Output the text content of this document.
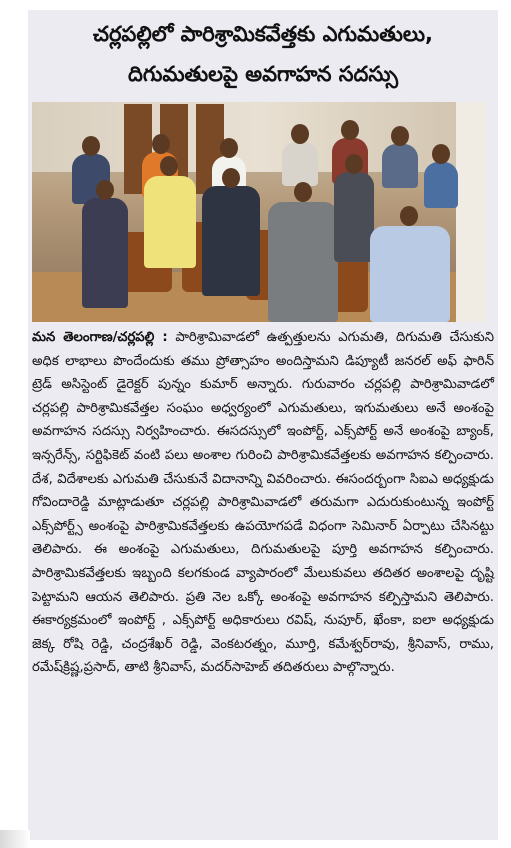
చర్లపల్లిలో పారిశ్రామికవేత్తకు ఎగుమతులు,
దిగుమతులపై అవగాహన సదస్సు

మన తెలంగాణ/చర్లపల్లి : పారిశ్రామివాడలో ఉత్పత్తులను ఎగుమతి, దిగుమతి చేసుకుని అధిక లాభాలు పొందేందుకు తము ప్రోత్సాహం అందిస్తామని డిప్యూటీ జనరల్ అఫ్ ఫారిన్ ట్రెడ్ అసిస్టెంట్ డైరెక్టర్ పున్నం కుమార్ అన్నారు. గురువారం చర్లపల్లి పారిశ్రామివాడలో చర్లపల్లి పారిశ్రామికవేత్తల సంఘం అధ్వర్యంలో ఎగుమతులు, ఇగుమతులు అనే అంశంపై అవగాహన సదస్సు నిర్వహించారు. ఈసదస్సులో ఇంపోర్ట్, ఎక్స్‌పోర్ట్ అనే అంశంపై బ్యాంక్, ఇన్సరేన్స్, సర్టిఫికెట్ వంటి పలు అంశాల గురించి పారిశ్రామికవేత్తలకు అవగాహన కల్పించారు. దేశ, విదేశాలకు ఎగుమతి చేసుకునే విదానాన్ని వివరించారు. ఈసందర్బంగా సిఐఎ అధ్యక్షుడు గోవిందారెడ్డి మాట్లాడుతూ చర్లపల్లి పారిశ్రామివాడలో తరుమగా ఎదురుకుంటున్న ఇంపోర్ట్ ఎక్స్‌పోర్ట్స్ అంశంపై పారిశ్రామికవేత్తలకు ఉపయోగపడే విధంగా సెమినార్ ఏర్పాటు చేసినట్టు తెలిపారు. ఈ అంశంపై ఎగుమతులు, దిగుమతులపై పూర్తి అవగాహన కల్పించారు. పారిశ్రామికవేత్తలకు ఇబ్బంది కలగకుండ వ్యాపారంలో మేలుకువలు తదితర అంశాలపై దృష్టి పెట్టామని ఆయన తెలిపారు. ప్రతి నెల ఒక్కో అంశంపై అవగాహన కల్పిస్తామని తెలిపారు. ఈకార్యక్రమంలో ఇంపోర్ట్ , ఎక్స్‌పోర్ట్ అధికారులు రవిష్, నుపూర్, ఖేంకా, ఐలా అధ్యక్షుడు జెక్క రోషి రెడ్డి, చంద్రశేఖర్ రెడ్డి, వెంకటరత్నం, మూర్తి, కమేశ్వర్‌రావు, శ్రీనివాస్, రాము, రమేష్‌క్రిష్ణ,ప్రసాద్, తాటి శ్రీనివాస్, మదర్‌సాహెబ్ తదితరులు పాల్గొన్నారు.
